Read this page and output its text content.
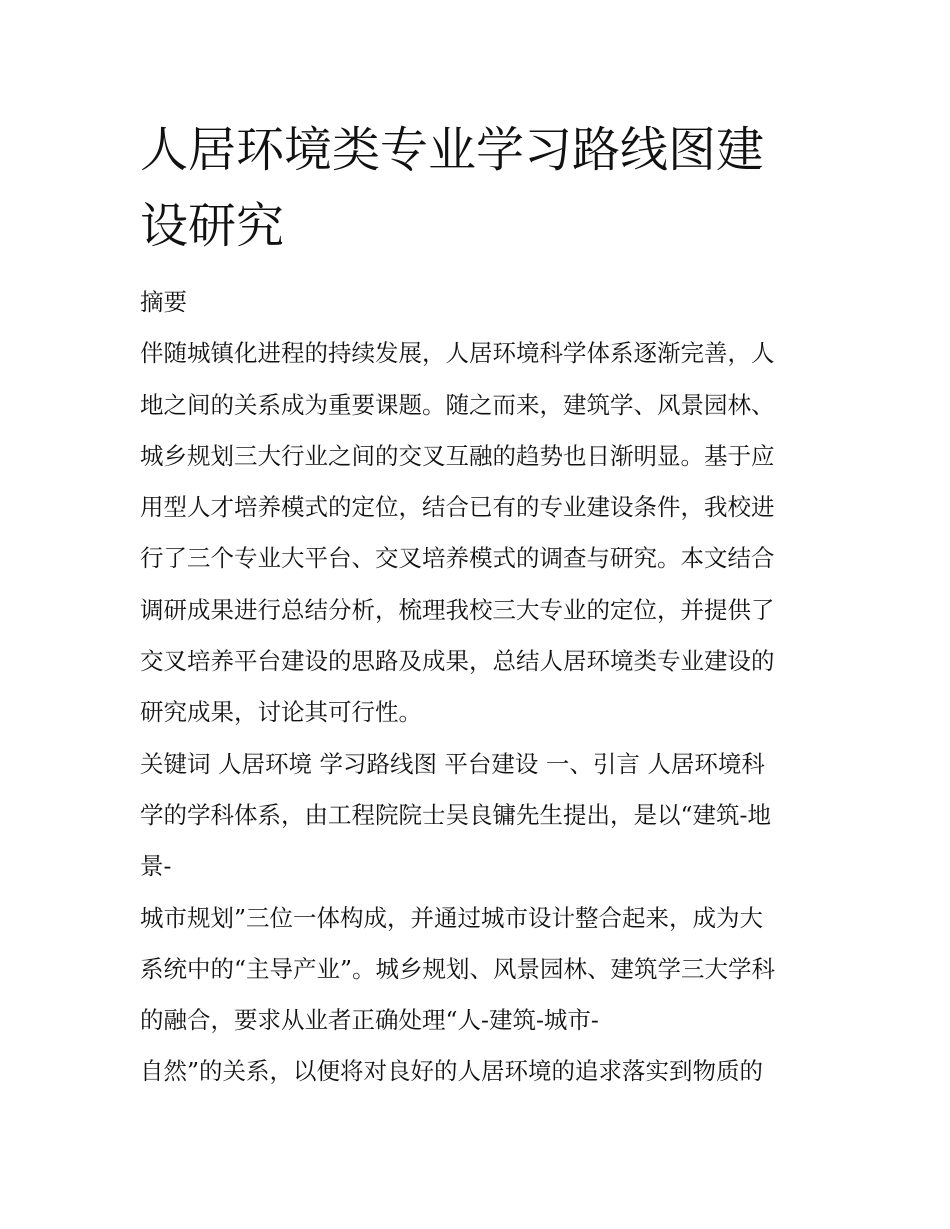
人居环境类专业学习路线图建
设研究
摘要
伴随城镇化进程的持续发展，人居环境科学体系逐渐完善，人
地之间的关系成为重要课题。随之而来，建筑学、风景园林、
城乡规划三大行业之间的交叉互融的趋势也日渐明显。基于应
用型人才培养模式的定位，结合已有的专业建设条件，我校进
行了三个专业大平台、交叉培养模式的调查与研究。本文结合
调研成果进行总结分析，梳理我校三大专业的定位，并提供了
交叉培养平台建设的思路及成果，总结人居环境类专业建设的
研究成果，讨论其可行性。
关键词 人居环境 学习路线图 平台建设 一、引言 人居环境科
学的学科体系，由工程院院士吴良镛先生提出，是以“建筑-地
景-
城市规划”三位一体构成，并通过城市设计整合起来，成为大
系统中的“主导产业”。城乡规划、风景园林、建筑学三大学科
的融合，要求从业者正确处理“人-建筑-城市-
自然”的关系，以便将对良好的人居环境的追求落实到物质的
